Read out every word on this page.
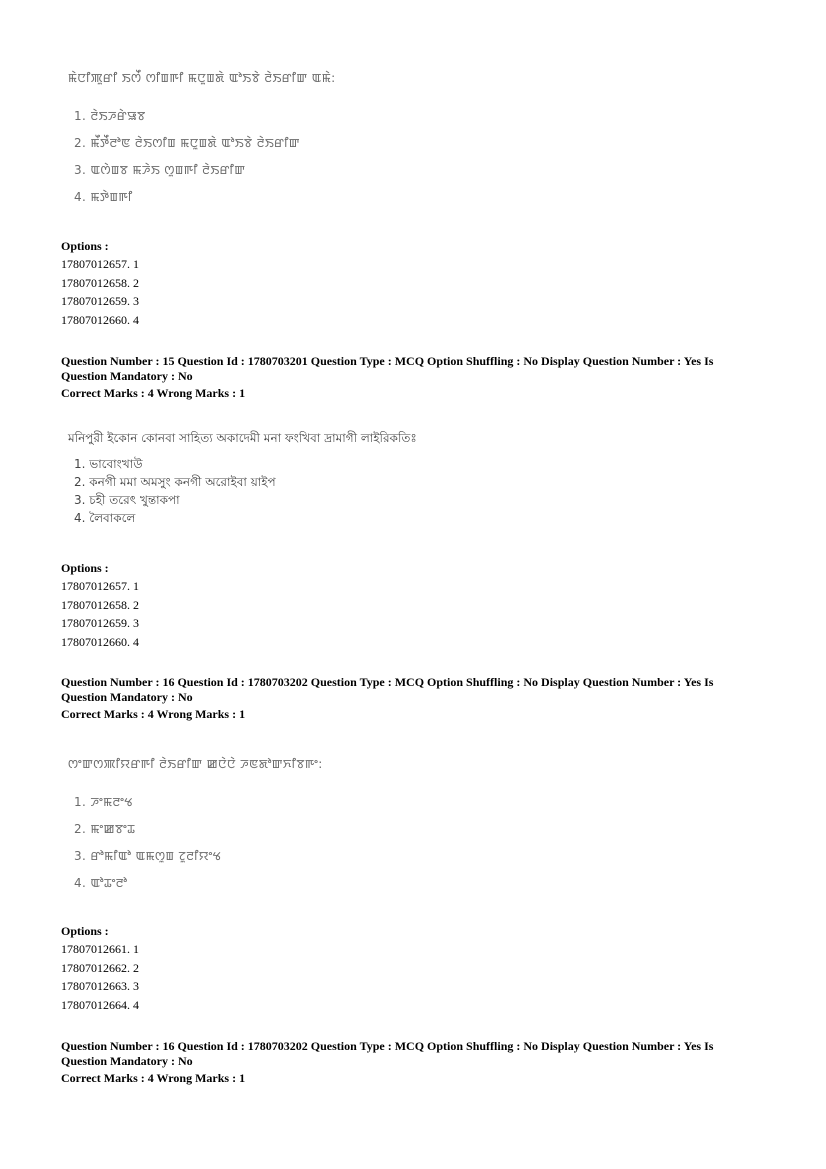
ꯃꯥꯅꯤꯄꯨꯔꯤ ꯏꯁꯩ ꯁꯤꯡꯒꯤ ꯃꯅꯨꯡꯗꯥ ꯑꯣꯏꯕꯥ ꯂꯥꯏꯔꯤꯛ ꯑꯃꯥ:
1. ꯂꯥꯏꯍꯔꯥꯎꯕ
2. ꯃꯩꯇꯩꯂꯣꯟ ꯂꯥꯏꯁꯤꯡ ꯃꯅꯨꯡꯗꯥ ꯑꯣꯏꯕꯥ ꯂꯥꯏꯔꯤꯛ
3. ꯑꯁꯥꯡꯕ ꯃꯍꯥꯏ ꯁꯨꯡꯒꯤ ꯂꯥꯏꯔꯤꯛ
4. ꯃꯇꯥꯡꯒꯤ
Options :
17807012657. 1
17807012658. 2
17807012659. 3
17807012660. 4
Question Number : 15 Question Id : 1780703201 Question Type : MCQ Option Shuffling : No Display Question Number : Yes Is
Question Mandatory : No
Correct Marks : 4 Wrong Marks : 1
মনিপুরী ইকোন কোনবা সাহিত্য অকাদেমী মনা ফংখিবা দ্রামাগী লাইরিকতিঃ
1. ভাবোংখাউ
2. কনগী মমা অমসুং কনগী অরোইবা য়াইপ
3. চহী তরেৎ খুন্তাকপা
4. লৈবাকলে
Options :
17807012657. 1
17807012658. 2
17807012659. 3
17807012660. 4
Question Number : 16 Question Id : 1780703202 Question Type : MCQ Option Shuffling : No Display Question Number : Yes Is
Question Mandatory : No
Correct Marks : 4 Wrong Marks : 1
ꯁꯦꯛꯁꯄꯤꯌꯔꯒꯤ ꯂꯥꯏꯔꯤꯛ ꯀꯅꯥꯅꯥ ꯍꯟꯗꯣꯛꯈꯤꯕꯒꯦ:
1. ꯍꯦꯃꯂꯦꯠ
2. ꯃꯦꯀꯕꯦꯊ
3. ꯔꯣꯃꯤꯑꯣ ꯑꯃꯁꯨꯡ ꯖꯨꯂꯤꯌꯦꯠ
4. ꯑꯣꯊꯦꯂꯣ
Options :
17807012661. 1
17807012662. 2
17807012663. 3
17807012664. 4
Question Number : 16 Question Id : 1780703202 Question Type : MCQ Option Shuffling : No Display Question Number : Yes Is
Question Mandatory : No
Correct Marks : 4 Wrong Marks : 1
